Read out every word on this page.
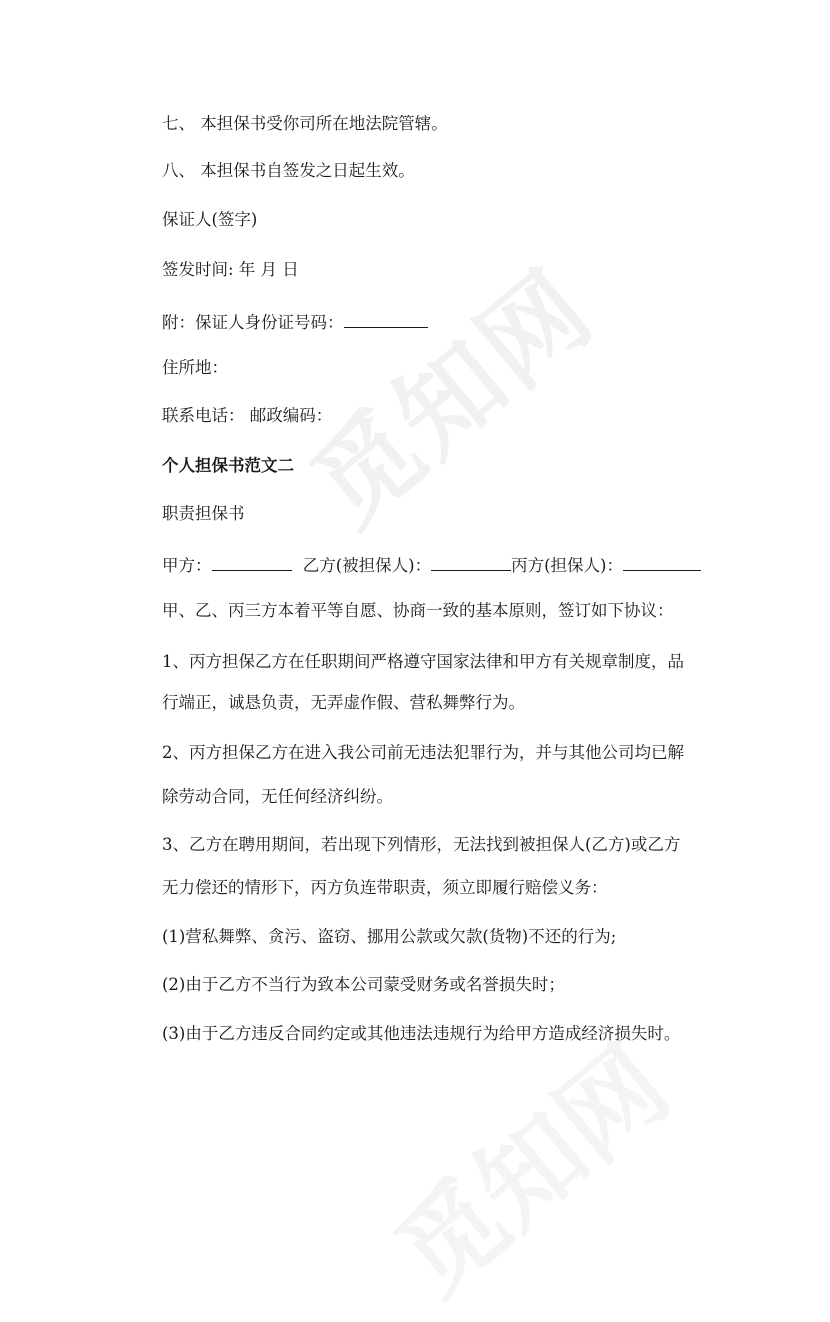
觅知网
七、 本担保书受你司所在地法院管辖。
八、 本担保书自签发之日起生效。
保证人(签字)
签发时间: 年 月 日
附：保证人身份证号码：
住所地：
联系电话： 邮政编码：
个人担保书范文二
职责担保书
甲方：	乙方(被担保人)：	丙方(担保人)：
甲、乙、丙三方本着平等自愿、协商一致的基本原则，签订如下协议：
1、丙方担保乙方在任职期间严格遵守国家法律和甲方有关规章制度，品
行端正，诚恳负责，无弄虚作假、营私舞弊行为。
2、丙方担保乙方在进入我公司前无违法犯罪行为，并与其他公司均已解
除劳动合同，无任何经济纠纷。
3、乙方在聘用期间，若出现下列情形，无法找到被担保人(乙方)或乙方
无力偿还的情形下，丙方负连带职责，须立即履行赔偿义务：
(1)营私舞弊、贪污、盗窃、挪用公款或欠款(货物)不还的行为;
(2)由于乙方不当行为致本公司蒙受财务或名誉损失时；
(3)由于乙方违反合同约定或其他违法违规行为给甲方造成经济损失时。
